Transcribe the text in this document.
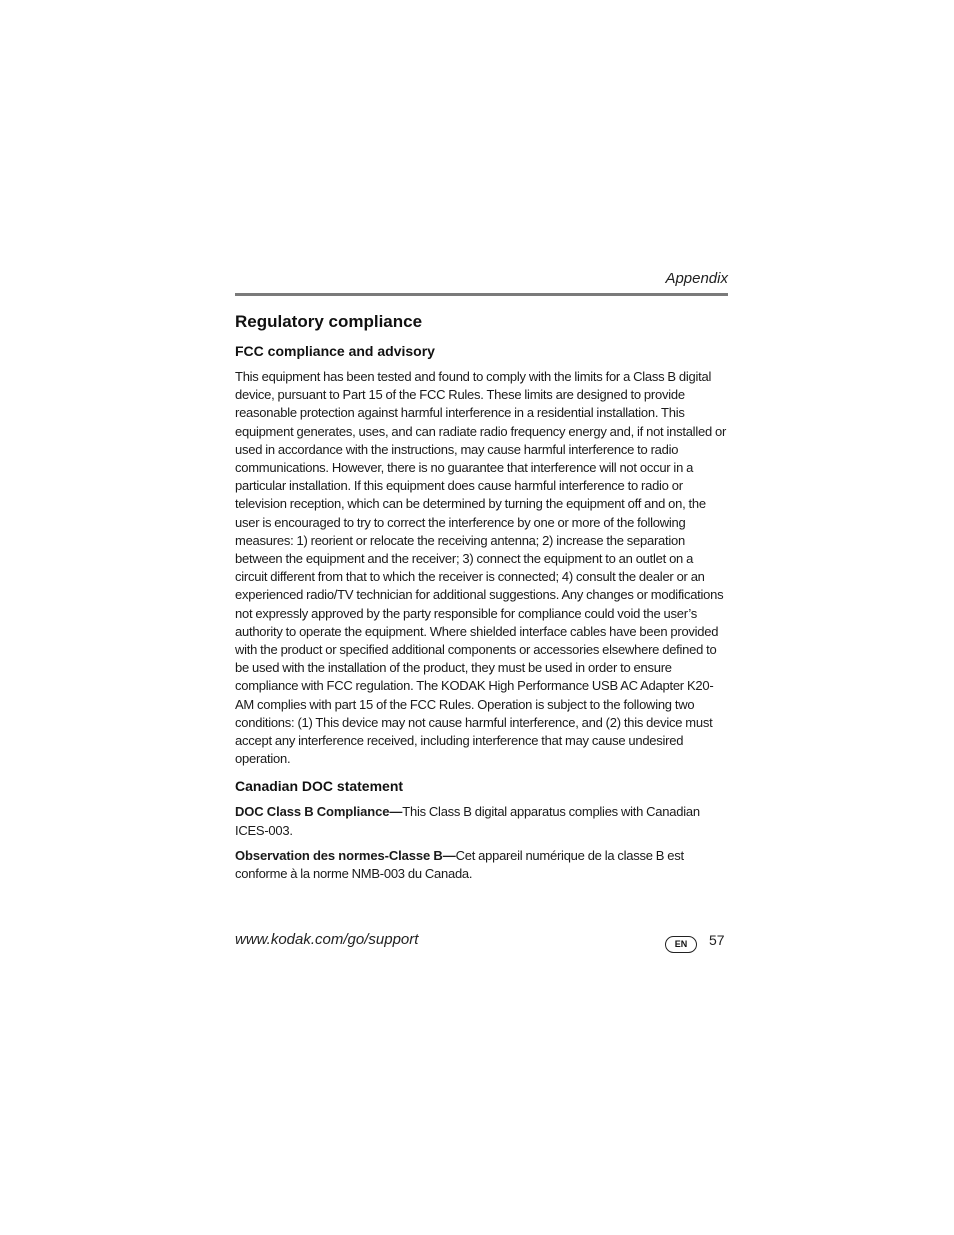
Appendix
Regulatory compliance
FCC compliance and advisory

This equipment has been tested and found to comply with the limits for a Class B digital device, pursuant to Part 15 of the FCC Rules. These limits are designed to provide reasonable protection against harmful interference in a residential installation. This equipment generates, uses, and can radiate radio frequency energy and, if not installed or used in accordance with the instructions, may cause harmful interference to radio communications. However, there is no guarantee that interference will not occur in a particular installation. If this equipment does cause harmful interference to radio or television reception, which can be determined by turning the equipment off and on, the user is encouraged to try to correct the interference by one or more of the following measures: 1) reorient or relocate the receiving antenna; 2) increase the separation between the equipment and the receiver; 3) connect the equipment to an outlet on a circuit different from that to which the receiver is connected; 4) consult the dealer or an experienced radio/TV technician for additional suggestions. Any changes or modifications not expressly approved by the party responsible for compliance could void the user’s authority to operate the equipment. Where shielded interface cables have been provided with the product or specified additional components or accessories elsewhere defined to be used with the installation of the product, they must be used in order to ensure compliance with FCC regulation. The KODAK High Performance USB AC Adapter K20-AM complies with part 15 of the FCC Rules. Operation is subject to the following two conditions: (1) This device may not cause harmful interference, and (2) this device must accept any interference received, including interference that may cause undesired operation.

Canadian DOC statement

DOC Class B Compliance—This Class B digital apparatus complies with Canadian ICES-003.

Observation des normes-Classe B—Cet appareil numérique de la classe B est conforme à la norme NMB-003 du Canada.

www.kodak.com/go/support	EN	57
